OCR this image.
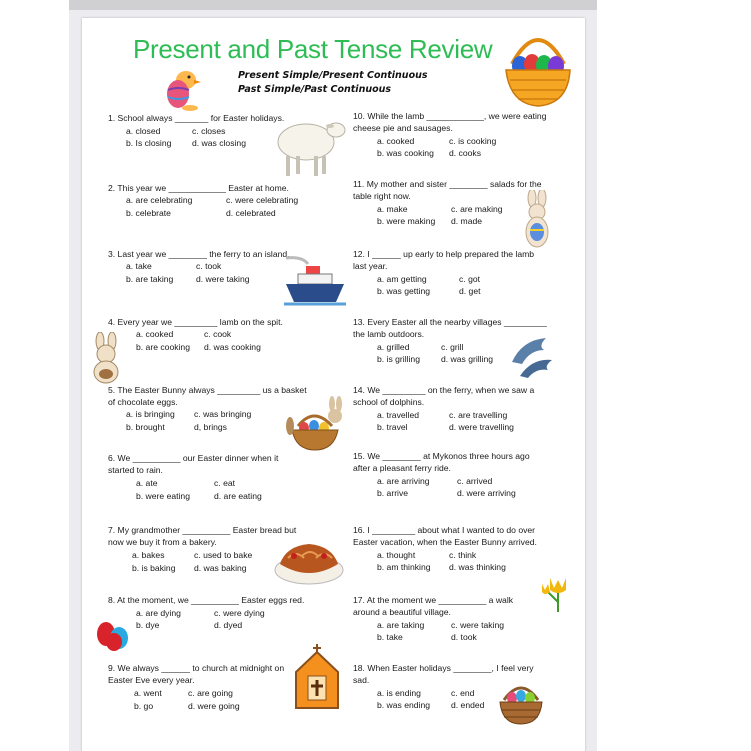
Present and Past Tense Review
Present Simple/Present Continuous
Past Simple/Past Continuous
1. School always _______ for Easter holidays.
a. closed	c. closes
b. Is closing d. was closing
2. This year we ____________ Easter at home.
a. are celebrating	c. were celebrating
b. celebrate	d. celebrated
3. Last year we ________ the ferry to an island.
a. take	c. took
b. are taking	d. were taking
4. Every year we _________ lamb on the spit.
a. cooked	c. cook
b. are cooking d. was cooking
5. The Easter Bunny always _________ us a basket
of chocolate eggs.
a. is bringing c. was bringing
b. brought	d, brings
6. We __________ our Easter dinner when it
started to rain.
a. ate	c. eat
b. were eating	d. are eating
7. My grandmother __________ Easter bread but
now we buy it from a bakery.
a. bakes	c. used to bake
b. is baking d. was baking
8. At the moment, we __________ Easter eggs red.
a. are dying	c. were dying
b. dye	d. dyed
9. We always ______ to church at midnight on
Easter Eve every year.
a. went	c. are going
b. go	d. were going
10. While the lamb ____________, we were eating
cheese pie and sausages.
a. cooked	c. is cooking
b. was cooking d. cooks
11. My mother and sister ________ salads for the
table right now.
a. make	c. are making
b. were making d. made
12. I ______ up early to help prepared the lamb
last year.
a. am getting	c. got
b. was getting	d. get
13. Every Easter all the nearby villages _________
the lamb outdoors.
a. grilled	c. grill
b. is grilling d. was grilling
14. We _________ on the ferry, when we saw a
school of dolphins.
a. travelled	c. are travelling
b. travel	d. were travelling
15. We ________ at Mykonos three hours ago
after a pleasant ferry ride.
a. are arriving	c. arrived
b. arrive	d. were arriving
16. I _________ about what I wanted to do over
Easter vacation, when the Easter Bunny arrived.
a. thought	c. think
b. am thinking d. was thinking
17. At the moment we __________ a walk
around a beautiful village.
a. are taking	c. were taking
b. take	d. took
18. When Easter holidays ________, I feel very
sad.
a. is ending	c. end
b. was ending d. ended
